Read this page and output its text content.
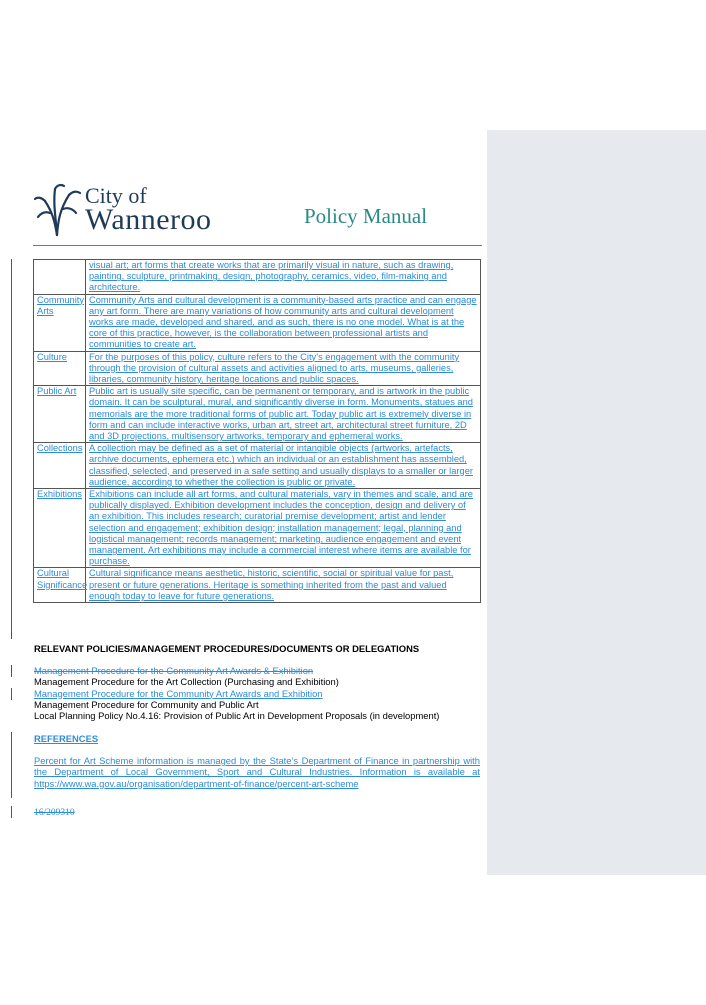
City of
Wanneroo	Policy Manual
	visual art; art forms that create works that are primarily visual in nature, such as drawing, painting, sculpture, printmaking, design, photography, ceramics, video, film-making and architecture.
Community Arts	Community Arts and cultural development is a community-based arts practice and can engage any art form. There are many variations of how community arts and cultural development works are made, developed and shared, and as such, there is no one model. What is at the core of this practice, however, is the collaboration between professional artists and communities to create art.
Culture	For the purposes of this policy, culture refers to the City’s engagement with the community through the provision of cultural assets and activities aligned to arts, museums, galleries, libraries, community history, heritage locations and public spaces.
Public Art	Public art is usually site specific, can be permanent or temporary, and is artwork in the public domain. It can be sculptural, mural, and significantly diverse in form. Monuments, statues and memorials are the more traditional forms of public art. Today public art is extremely diverse in form and can include interactive works, urban art, street art, architectural street furniture, 2D and 3D projections, multisensory artworks, temporary and ephemeral works.
Collections	A collection may be defined as a set of material or intangible objects (artworks, artefacts, archive documents, ephemera etc.) which an individual or an establishment has assembled, classified, selected, and preserved in a safe setting and usually displays to a smaller or larger audience, according to whether the collection is public or private.
Exhibitions	Exhibitions can include all art forms, and cultural materials, vary in themes and scale, and are publically displayed. Exhibition development includes the conception, design and delivery of an exhibition. This includes research; curatorial premise development; artist and lender selection and engagement; exhibition design; installation management; legal, planning and logistical management; records management; marketing, audience engagement and event management. Art exhibitions may include a commercial interest where items are available for purchase.
Cultural Significance	Cultural significance means aesthetic, historic, scientific, social or spiritual value for past, present or future generations. Heritage is something inherited from the past and valued enough today to leave for future generations.
RELEVANT POLICIES/MANAGEMENT PROCEDURES/DOCUMENTS OR DELEGATIONS
Management Procedure for the Community Art Awards & Exhibition
Management Procedure for the Art Collection (Purchasing and Exhibition)
Management Procedure for the Community Art Awards and Exhibition
Management Procedure for Community and Public Art
Local Planning Policy No.4.16: Provision of Public Art in Development Proposals (in development)
REFERENCES
Percent for Art Scheme information is managed by the State’s Department of Finance in partnership with the Department of Local Government, Sport and Cultural Industries. Information is available at https://www.wa.gov.au/organisation/department-of-finance/percent-art-scheme
16/209310
